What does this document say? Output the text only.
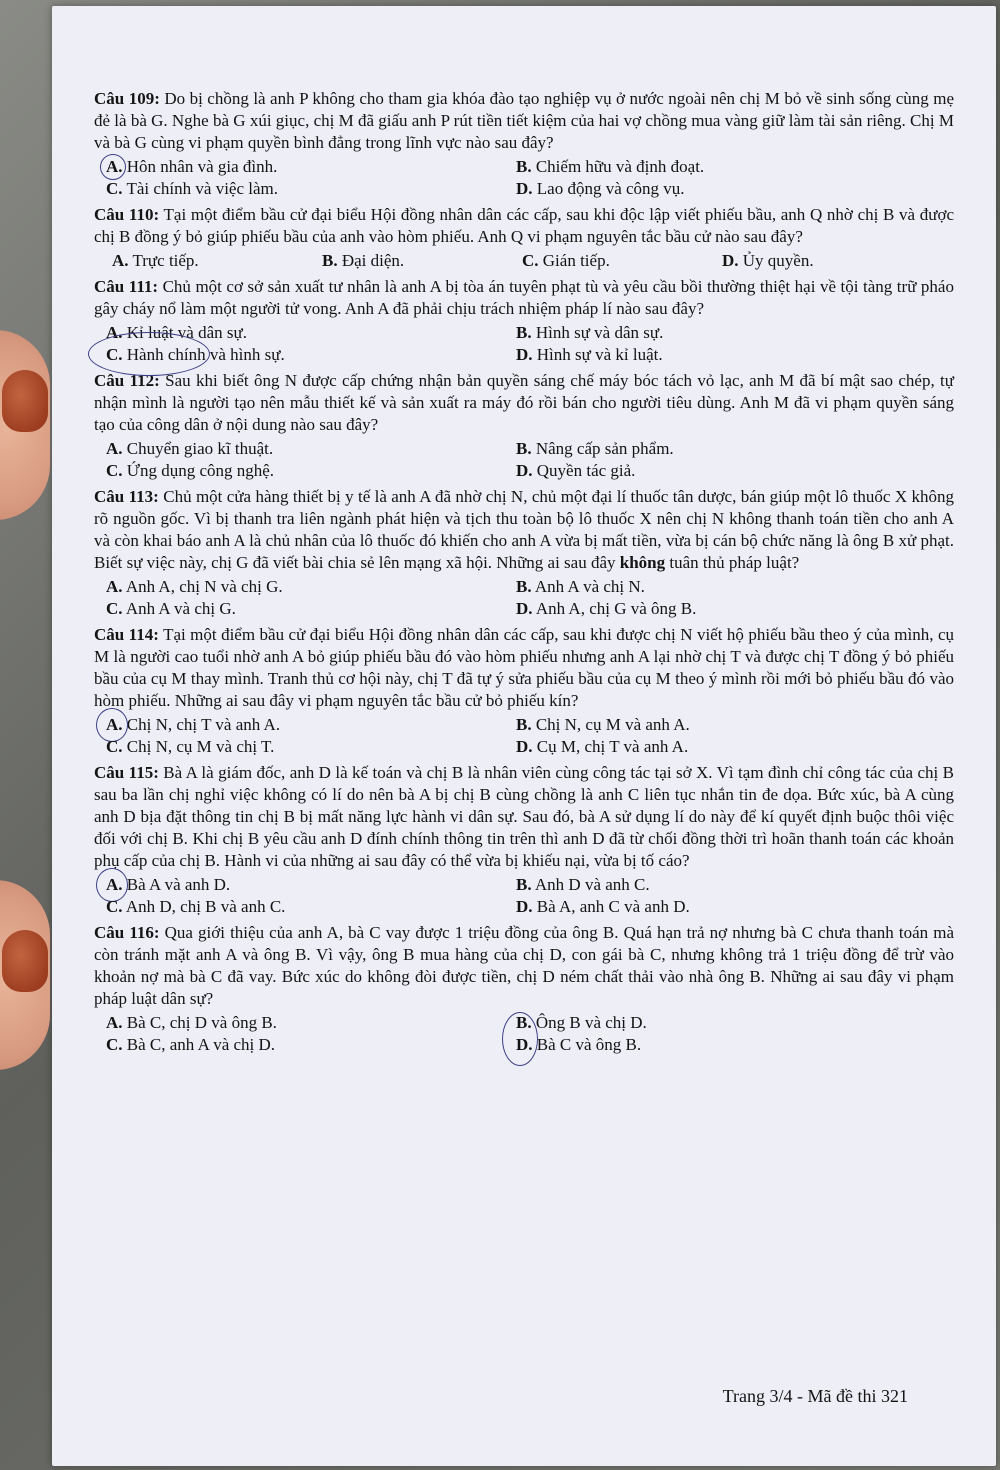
Câu 109: Do bị chồng là anh P không cho tham gia khóa đào tạo nghiệp vụ ở nước ngoài nên chị M bỏ về sinh sống cùng mẹ đẻ là bà G. Nghe bà G xúi giục, chị M đã giấu anh P rút tiền tiết kiệm của hai vợ chồng mua vàng giữ làm tài sản riêng. Chị M và bà G cùng vi phạm quyền bình đẳng trong lĩnh vực nào sau đây?
A. Hôn nhân và gia đình.	B. Chiếm hữu và định đoạt.
C. Tài chính và việc làm.	D. Lao động và công vụ.
Câu 110: Tại một điểm bầu cử đại biểu Hội đồng nhân dân các cấp, sau khi độc lập viết phiếu bầu, anh Q nhờ chị B và được chị B đồng ý bỏ giúp phiếu bầu của anh vào hòm phiếu. Anh Q vi phạm nguyên tắc bầu cử nào sau đây?
A. Trực tiếp.	B. Đại diện.	C. Gián tiếp.	D. Ủy quyền.
Câu 111: Chủ một cơ sở sản xuất tư nhân là anh A bị tòa án tuyên phạt tù và yêu cầu bồi thường thiệt hại về tội tàng trữ pháo gây cháy nổ làm một người tử vong. Anh A đã phải chịu trách nhiệm pháp lí nào sau đây?
A. Kỉ luật và dân sự.	B. Hình sự và dân sự.
C. Hành chính và hình sự.	D. Hình sự và kỉ luật.
Câu 112: Sau khi biết ông N được cấp chứng nhận bản quyền sáng chế máy bóc tách vỏ lạc, anh M đã bí mật sao chép, tự nhận mình là người tạo nên mẫu thiết kế và sản xuất ra máy đó rồi bán cho người tiêu dùng. Anh M đã vi phạm quyền sáng tạo của công dân ở nội dung nào sau đây?
A. Chuyển giao kĩ thuật.	B. Nâng cấp sản phẩm.
C. Ứng dụng công nghệ.	D. Quyền tác giả.
Câu 113: Chủ một cửa hàng thiết bị y tế là anh A đã nhờ chị N, chủ một đại lí thuốc tân dược, bán giúp một lô thuốc X không rõ nguồn gốc. Vì bị thanh tra liên ngành phát hiện và tịch thu toàn bộ lô thuốc X nên chị N không thanh toán tiền cho anh A và còn khai báo anh A là chủ nhân của lô thuốc đó khiến cho anh A vừa bị mất tiền, vừa bị cán bộ chức năng là ông B xử phạt. Biết sự việc này, chị G đã viết bài chia sẻ lên mạng xã hội. Những ai sau đây không tuân thủ pháp luật?
A. Anh A, chị N và chị G.	B. Anh A và chị N.
C. Anh A và chị G.	D. Anh A, chị G và ông B.
Câu 114: Tại một điểm bầu cử đại biểu Hội đồng nhân dân các cấp, sau khi được chị N viết hộ phiếu bầu theo ý của mình, cụ M là người cao tuổi nhờ anh A bỏ giúp phiếu bầu đó vào hòm phiếu nhưng anh A lại nhờ chị T và được chị T đồng ý bỏ phiếu bầu của cụ M thay mình. Tranh thủ cơ hội này, chị T đã tự ý sửa phiếu bầu của cụ M theo ý mình rồi mới bỏ phiếu bầu đó vào hòm phiếu. Những ai sau đây vi phạm nguyên tắc bầu cử bỏ phiếu kín?
A. Chị N, chị T và anh A.	B. Chị N, cụ M và anh A.
C. Chị N, cụ M và chị T.	D. Cụ M, chị T và anh A.
Câu 115: Bà A là giám đốc, anh D là kế toán và chị B là nhân viên cùng công tác tại sở X. Vì tạm đình chỉ công tác của chị B sau ba lần chị nghỉ việc không có lí do nên bà A bị chị B cùng chồng là anh C liên tục nhắn tin đe dọa. Bức xúc, bà A cùng anh D bịa đặt thông tin chị B bị mất năng lực hành vi dân sự. Sau đó, bà A sử dụng lí do này để kí quyết định buộc thôi việc đối với chị B. Khi chị B yêu cầu anh D đính chính thông tin trên thì anh D đã từ chối đồng thời trì hoãn thanh toán các khoản phụ cấp của chị B. Hành vi của những ai sau đây có thể vừa bị khiếu nại, vừa bị tố cáo?
A. Bà A và anh D.	B. Anh D và anh C.
C. Anh D, chị B và anh C.	D. Bà A, anh C và anh D.
Câu 116: Qua giới thiệu của anh A, bà C vay được 1 triệu đồng của ông B. Quá hạn trả nợ nhưng bà C chưa thanh toán mà còn tránh mặt anh A và ông B. Vì vậy, ông B mua hàng của chị D, con gái bà C, nhưng không trả 1 triệu đồng để trừ vào khoản nợ mà bà C đã vay. Bức xúc do không đòi được tiền, chị D ném chất thải vào nhà ông B. Những ai sau đây vi phạm pháp luật dân sự?
A. Bà C, chị D và ông B.	B. Ông B và chị D.
C. Bà C, anh A và chị D.	D. Bà C và ông B.
Trang 3/4 - Mã đề thi 321
